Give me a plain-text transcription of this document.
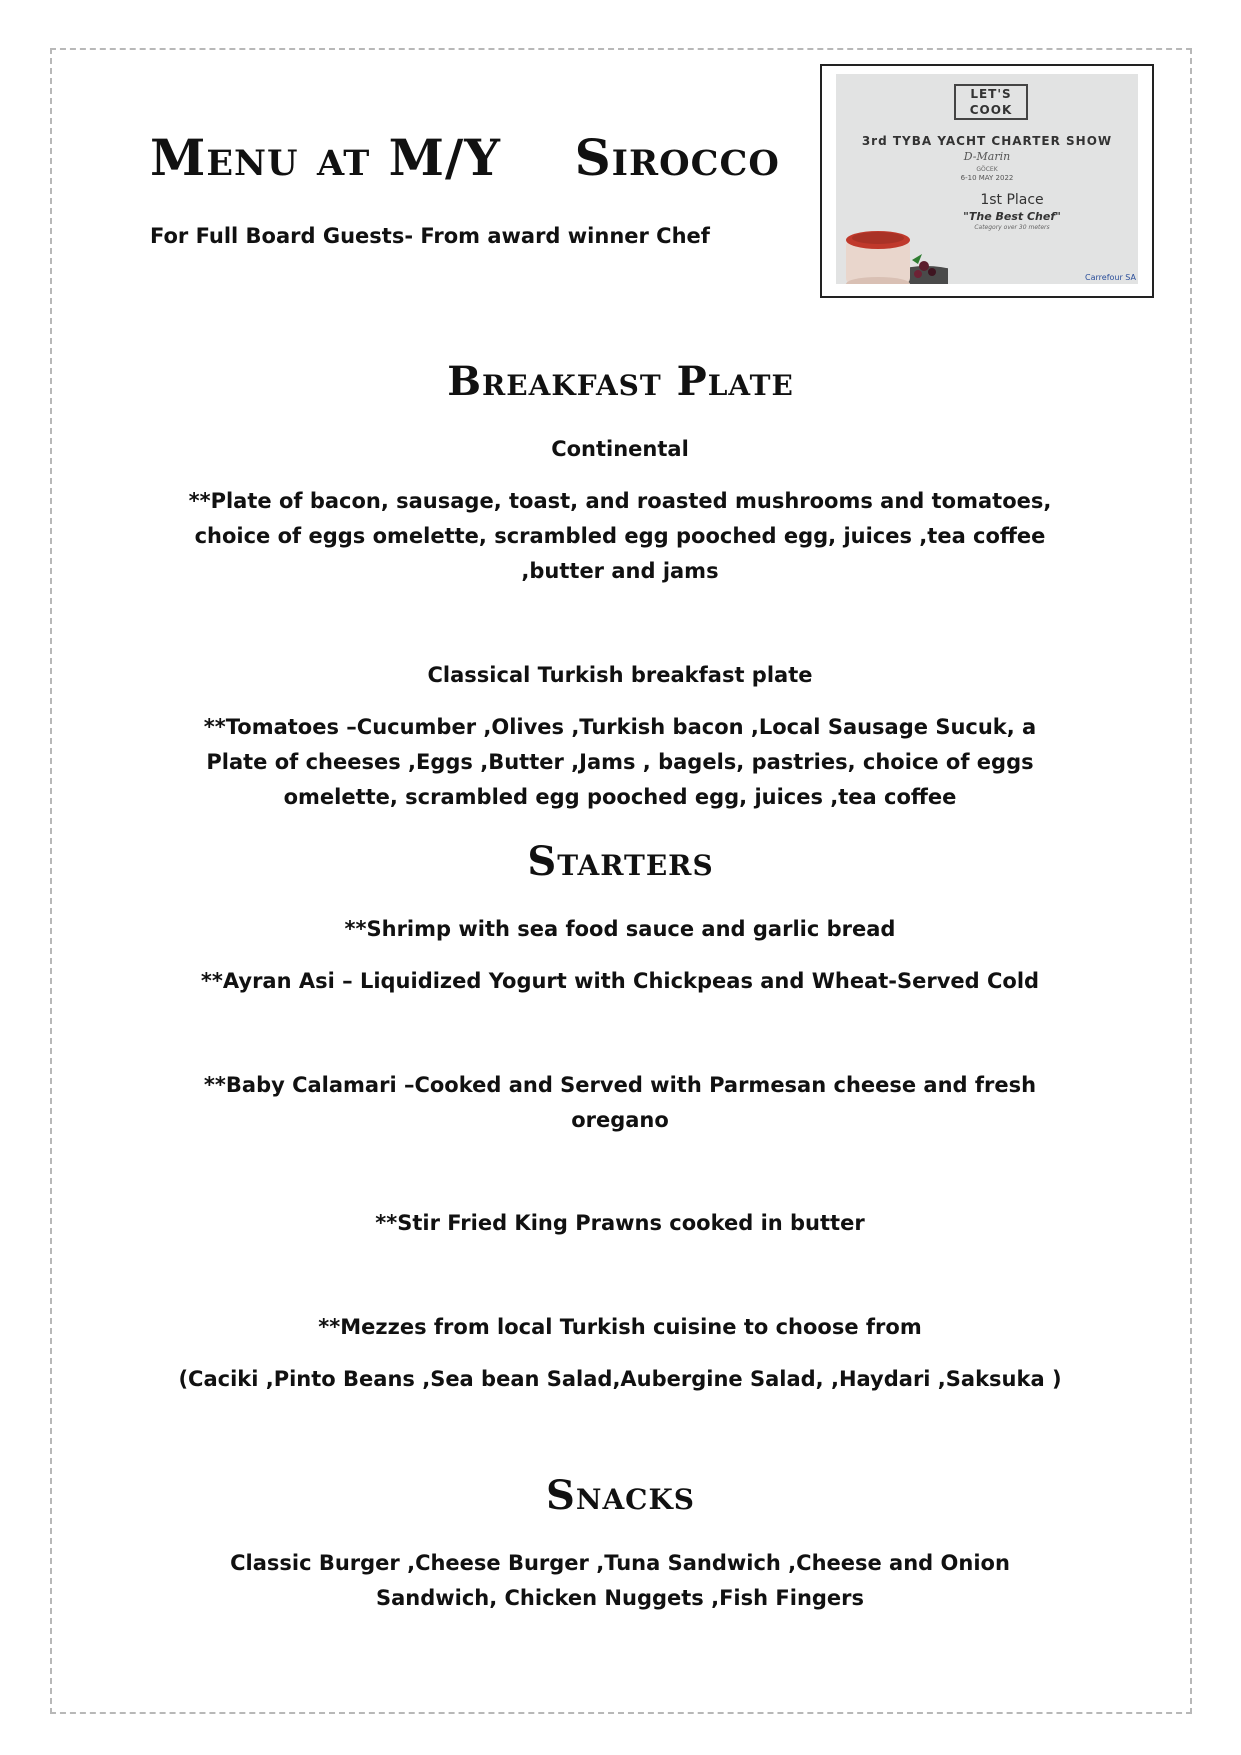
Menu at M/Y    Sirocco

For Full Board Guests- From award winner Chef

LET'S COOK
3rd TYBA YACHT CHARTER SHOW
D-Marin
GÖCEK
6-10 MAY 2022
1st Place
"The Best Chef"
Category over 30 meters
Carrefour SA
Breakfast Plate

Continental

**Plate of bacon, sausage, toast, and roasted mushrooms and tomatoes,

choice of eggs omelette, scrambled egg pooched egg, juices ,tea coffee

,butter and jams

Classical Turkish breakfast plate

**Tomatoes –Cucumber ,Olives ,Turkish bacon ,Local Sausage Sucuk, a

Plate of cheeses ,Eggs ,Butter ,Jams , bagels, pastries, choice of eggs

omelette, scrambled egg pooched egg, juices ,tea coffee

Starters

**Shrimp with sea food sauce and garlic bread

**Ayran Asi – Liquidized Yogurt with Chickpeas and Wheat-Served Cold

**Baby Calamari –Cooked and Served with Parmesan cheese and fresh

oregano

**Stir Fried King Prawns cooked in butter

**Mezzes from local Turkish cuisine to choose from

(Caciki ,Pinto Beans ,Sea bean Salad,Aubergine Salad, ,Haydari ,Saksuka )

Snacks

Classic Burger ,Cheese Burger ,Tuna Sandwich ,Cheese and Onion

Sandwich, Chicken Nuggets ,Fish Fingers
